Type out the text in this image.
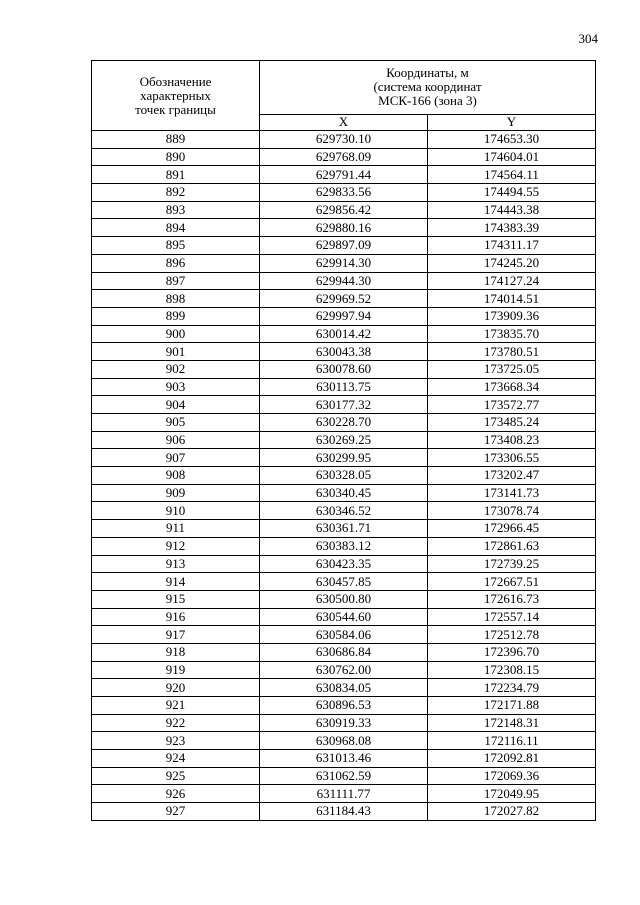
304
Обозначение
характерных
точек границы	Координаты, м
(система координат
МСК-166 (зона 3)	

	X	Y
889	629730.10	174653.30
890	629768.09	174604.01
891	629791.44	174564.11
892	629833.56	174494.55
893	629856.42	174443.38
894	629880.16	174383.39
895	629897.09	174311.17
896	629914.30	174245.20
897	629944.30	174127.24
898	629969.52	174014.51
899	629997.94	173909.36
900	630014.42	173835.70
901	630043.38	173780.51
902	630078.60	173725.05
903	630113.75	173668.34
904	630177.32	173572.77
905	630228.70	173485.24
906	630269.25	173408.23
907	630299.95	173306.55
908	630328.05	173202.47
909	630340.45	173141.73
910	630346.52	173078.74
911	630361.71	172966.45
912	630383.12	172861.63
913	630423.35	172739.25
914	630457.85	172667.51
915	630500.80	172616.73
916	630544.60	172557.14
917	630584.06	172512.78
918	630686.84	172396.70
919	630762.00	172308.15
920	630834.05	172234.79
921	630896.53	172171.88
922	630919.33	172148.31
923	630968.08	172116.11
924	631013.46	172092.81
925	631062.59	172069.36
926	631111.77	172049.95
927	631184.43	172027.82
